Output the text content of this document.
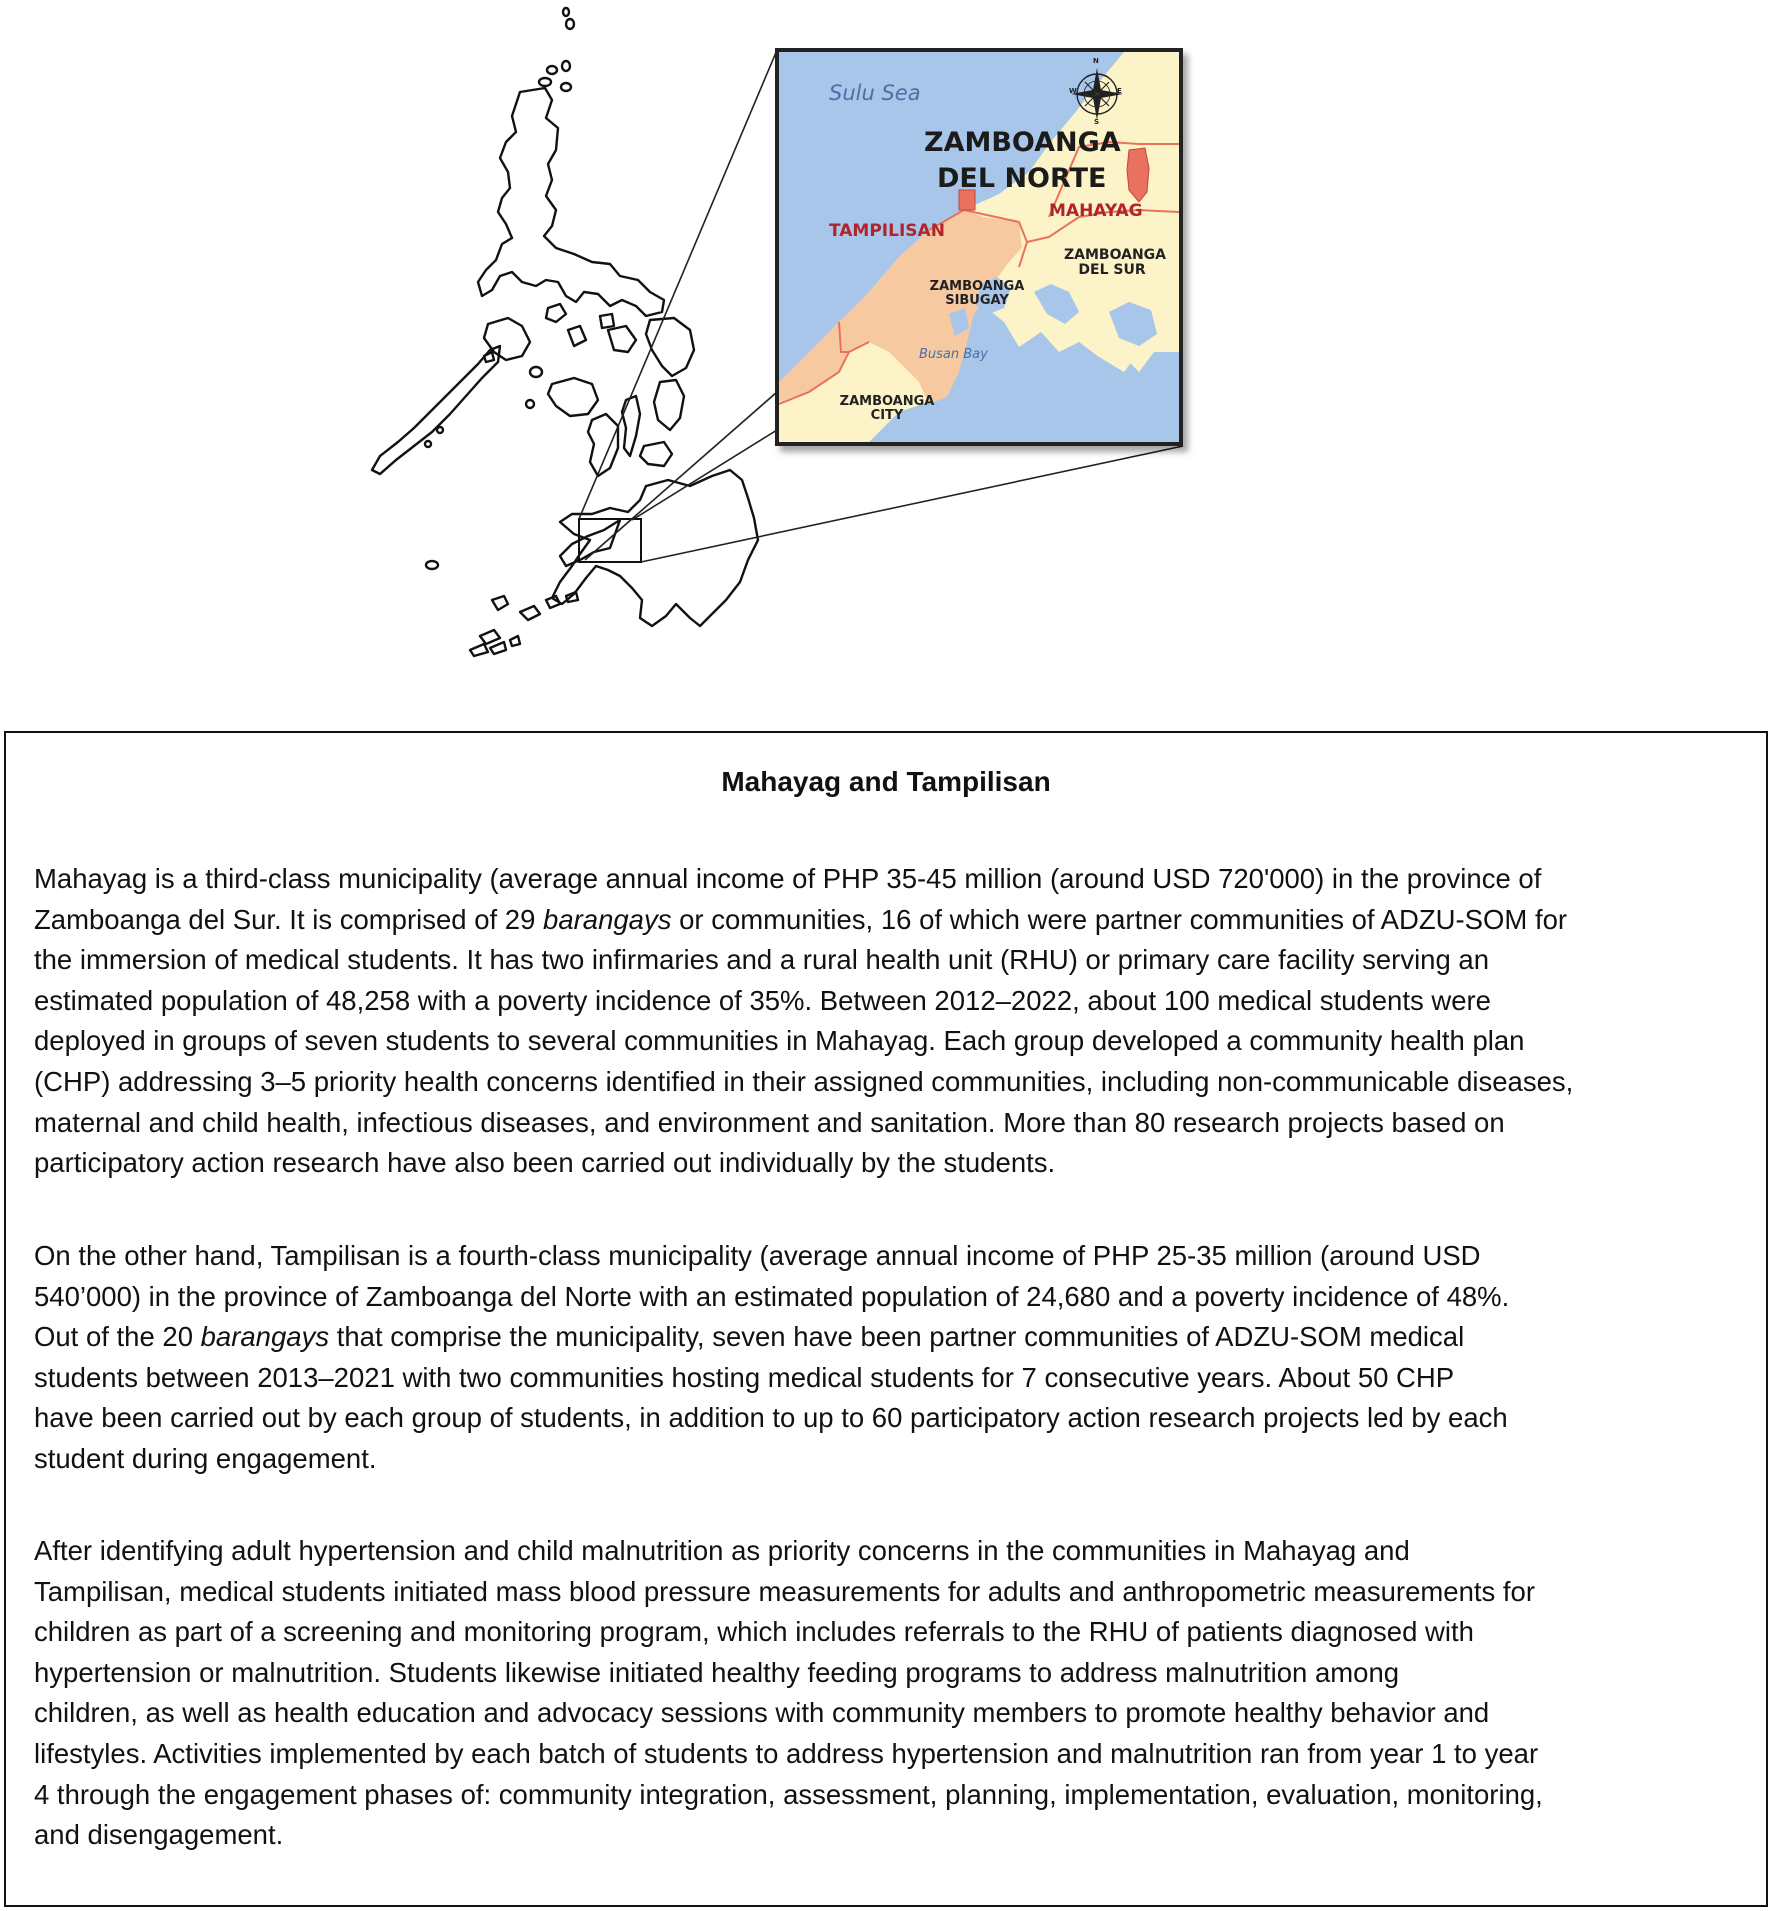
N
E
S
W
Sulu Sea
ZAMBOANGA
DEL NORTE
MAHAYAG
TAMPILISAN
ZAMBOANGA
DEL SUR
ZAMBOANGA
SIBUGAY
Busan Bay
ZAMBOANGA
CITY
Mahayag and Tampilisan
Mahayag is a third-class municipality (average annual income of PHP 35-45 million (around USD 720'000) in the province of
Zamboanga del Sur. It is comprised of 29 barangays or communities, 16 of which were partner communities of ADZU-SOM for
the immersion of medical students. It has two infirmaries and a rural health unit (RHU) or primary care facility serving an
estimated population of 48,258 with a poverty incidence of 35%. Between 2012–2022, about 100 medical students were
deployed in groups of seven students to several communities in Mahayag. Each group developed a community health plan
(CHP) addressing 3–5 priority health concerns identified in their assigned communities, including non-communicable diseases,
maternal and child health, infectious diseases, and environment and sanitation. More than 80 research projects based on
participatory action research have also been carried out individually by the students.
On the other hand, Tampilisan is a fourth-class municipality (average annual income of PHP 25-35 million (around USD
540’000) in the province of Zamboanga del Norte with an estimated population of 24,680 and a poverty incidence of 48%.
Out of the 20 barangays that comprise the municipality, seven have been partner communities of ADZU-SOM medical
students between 2013–2021 with two communities hosting medical students for 7 consecutive years. About 50 CHP
have been carried out by each group of students, in addition to up to 60 participatory action research projects led by each
student during engagement.
After identifying adult hypertension and child malnutrition as priority concerns in the communities in Mahayag and
Tampilisan, medical students initiated mass blood pressure measurements for adults and anthropometric measurements for
children as part of a screening and monitoring program, which includes referrals to the RHU of patients diagnosed with
hypertension or malnutrition. Students likewise initiated healthy feeding programs to address malnutrition among
children, as well as health education and advocacy sessions with community members to promote healthy behavior and
lifestyles. Activities implemented by each batch of students to address hypertension and malnutrition ran from year 1 to year
4 through the engagement phases of: community integration, assessment, planning, implementation, evaluation, monitoring,
and disengagement.
